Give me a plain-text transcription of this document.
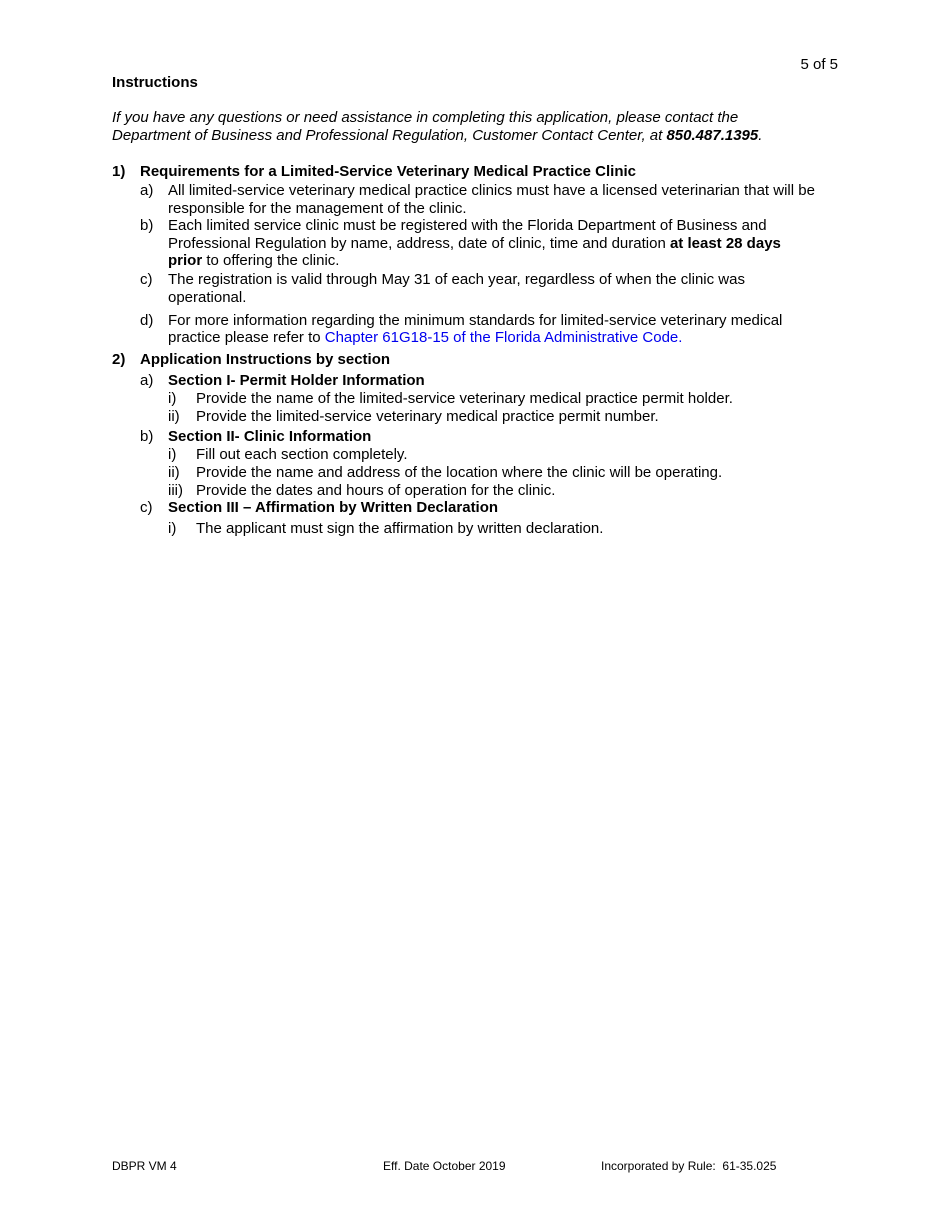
5 of 5
Instructions
If you have any questions or need assistance in completing this application, please contact the Department of Business and Professional Regulation, Customer Contact Center, at 850.487.1395.
1) Requirements for a Limited-Service Veterinary Medical Practice Clinic
a) All limited-service veterinary medical practice clinics must have a licensed veterinarian that will be
responsible for the management of the clinic.
b) Each limited service clinic must be registered with the Florida Department of Business and
Professional Regulation by name, address, date of clinic, time and duration at least 28 days
prior to offering the clinic.
c) The registration is valid through May 31 of each year, regardless of when the clinic was
operational.
d) For more information regarding the minimum standards for limited-service veterinary medical
practice please refer to Chapter 61G18-15 of the Florida Administrative Code.
2) Application Instructions by section
a) Section I- Permit Holder Information
i) Provide the name of the limited-service veterinary medical practice permit holder.
ii) Provide the limited-service veterinary medical practice permit number.
b) Section II- Clinic Information
i) Fill out each section completely.
ii) Provide the name and address of the location where the clinic will be operating.
iii) Provide the dates and hours of operation for the clinic.
c) Section III – Affirmation by Written Declaration
i) The applicant must sign the affirmation by written declaration.
DBPR VM 4	Eff. Date October 2019	Incorporated by Rule:  61-35.025
